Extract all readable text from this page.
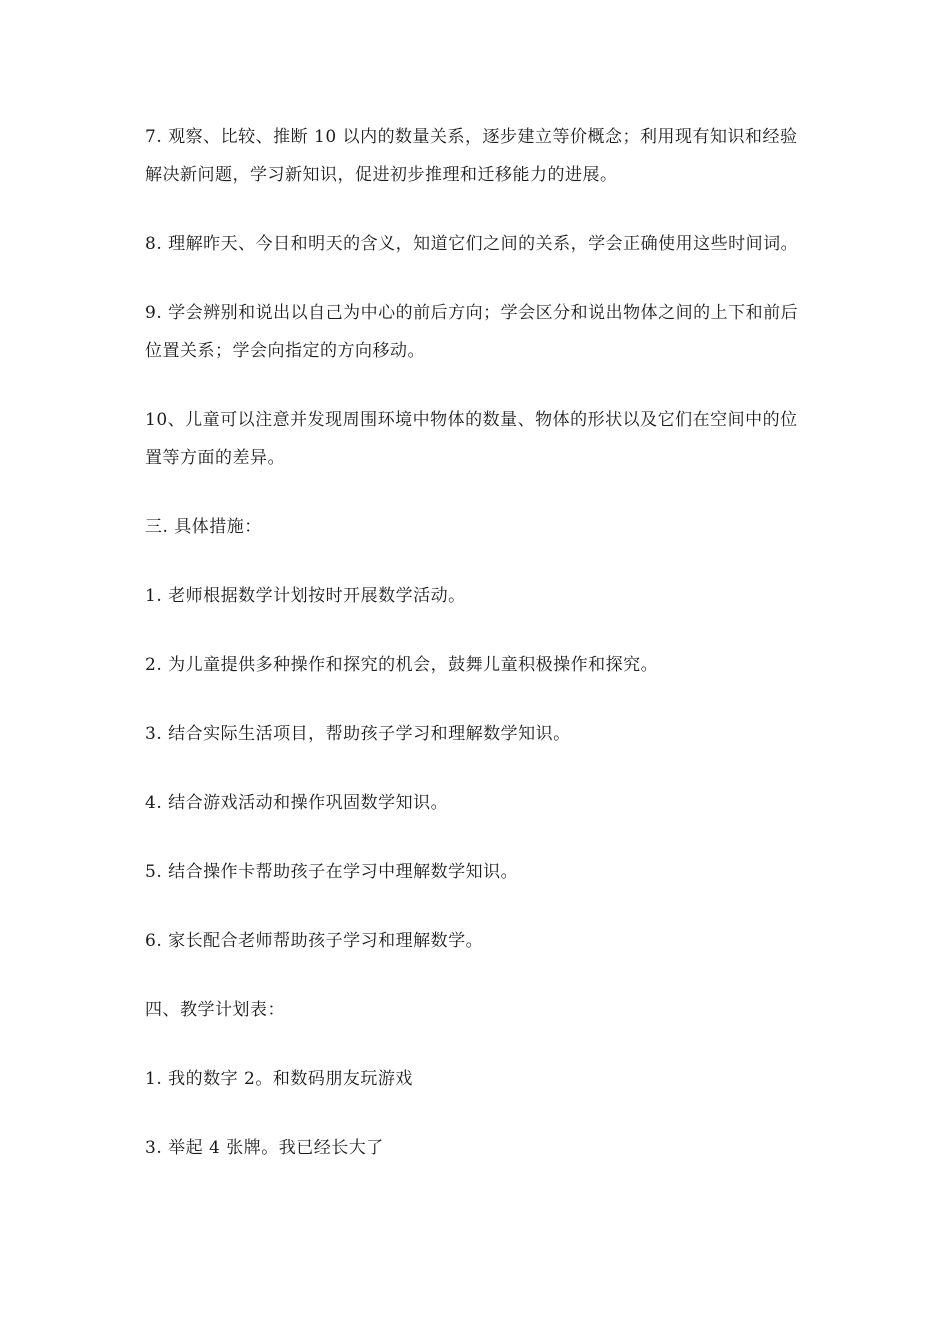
7. 观察、比较、推断 10 以内的数量关系，逐步建立等价概念；利用现有知识和经验解决新问题，学习新知识，促进初步推理和迁移能力的进展。

8. 理解昨天、今日和明天的含义，知道它们之间的关系，学会正确使用这些时间词。

9. 学会辨别和说出以自己为中心的前后方向；学会区分和说出物体之间的上下和前后位置关系；学会向指定的方向移动。

10、儿童可以注意并发现周围环境中物体的数量、物体的形状以及它们在空间中的位置等方面的差异。

三. 具体措施：

1. 老师根据数学计划按时开展数学活动。

2. 为儿童提供多种操作和探究的机会，鼓舞儿童积极操作和探究。

3. 结合实际生活项目，帮助孩子学习和理解数学知识。

4. 结合游戏活动和操作巩固数学知识。

5. 结合操作卡帮助孩子在学习中理解数学知识。

6. 家长配合老师帮助孩子学习和理解数学。

四、教学计划表：

1. 我的数字 2。和数码朋友玩游戏

3. 举起 4 张牌。我已经长大了
